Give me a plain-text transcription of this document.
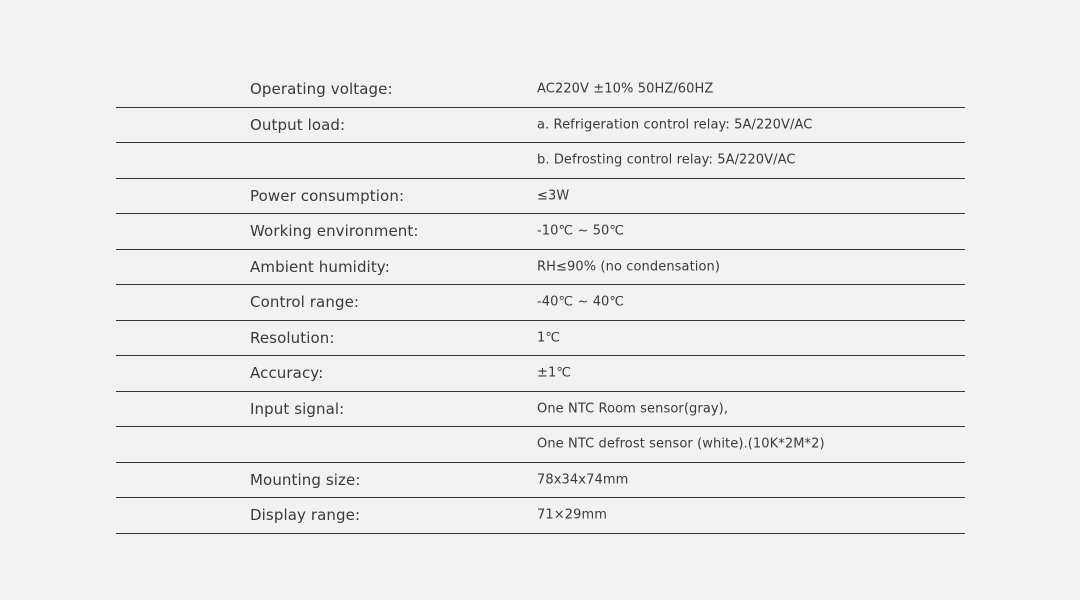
Operating voltage:	AC220V ±10% 50HZ/60HZ
Output load:	a. Refrigeration control relay: 5A/220V/AC
b. Defrosting control relay: 5A/220V/AC
Power consumption:	≤3W
Working environment:	-10℃ ~ 50℃
Ambient humidity:	RH≤90% (no condensation)
Control range:	-40℃ ~ 40℃
Resolution:	1℃
Accuracy:	±1℃
Input signal:	One NTC Room sensor(gray),
One NTC defrost sensor (white).(10K*2M*2)
Mounting size:	78x34x74mm
Display range:	71×29mm
